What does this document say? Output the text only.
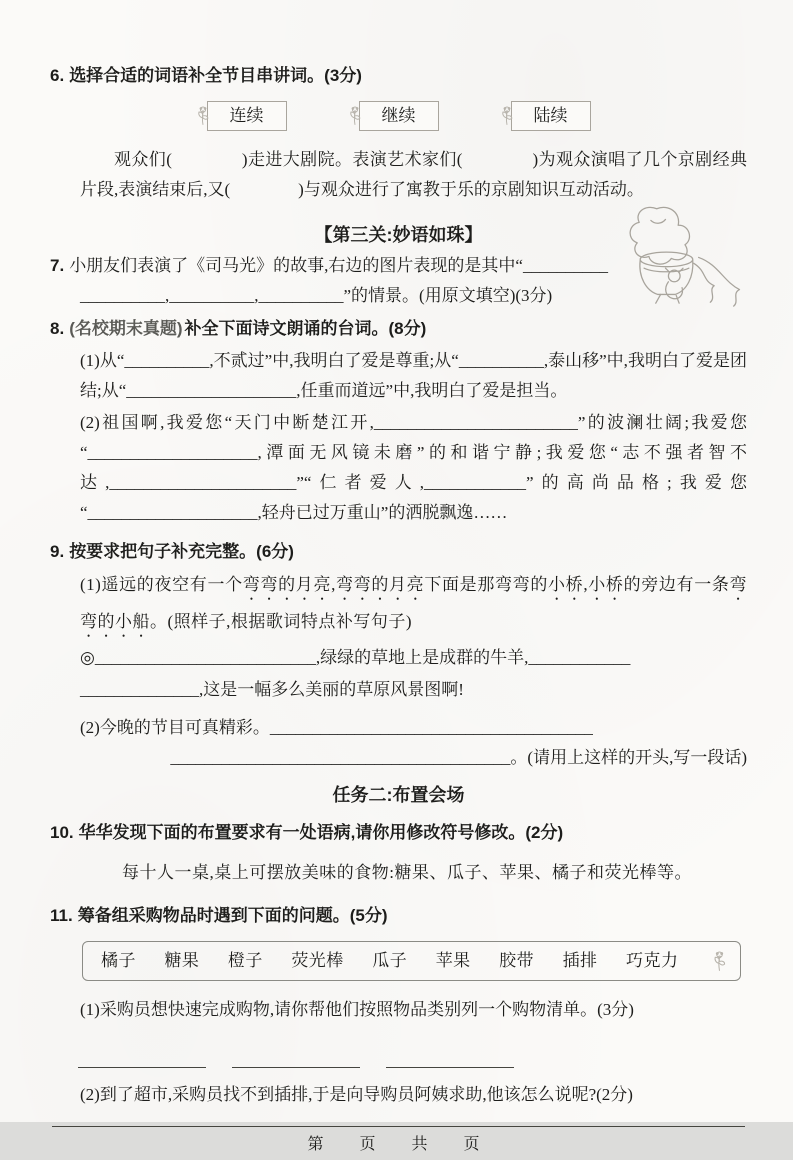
6. 选择合适的词语补全节目串讲词。(3分)

连续	继续	陆续

观众们(　　　　)走进大剧院。表演艺术家们(　　　　)为观众演唱了几个京剧经典片段,表演结束后,又(　　　　)与观众进行了寓教于乐的京剧知识互动活动。

【第三关:妙语如珠】

7. 小朋友们表演了《司马光》的故事,右边的图片表现的是其中“__________

__________,__________,__________”的情景。(用原文填空)(3分)

8. (名校期末真题) 补全下面诗文朗诵的台词。(8分)

(1)从“__________,不贰过”中,我明白了爱是尊重;从“__________,泰山移”中,我明白了爱是团结;从“____________________,任重而道远”中,我明白了爱是担当。

(2)祖国啊,我爱您“天门中断楚江开,________________________”的波澜壮阔;我爱您“____________________,潭面无风镜未磨”的和谐宁静;我爱您“志不强者智不达,______________________”“仁者爱人,____________”的高尚品格;我爱您“____________________,轻舟已过万重山”的洒脱飘逸……

9. 按要求把句子补充完整。(6分)

(1)遥远的夜空有一个弯弯的月亮,弯弯的月亮下面是那弯弯的小桥,小桥的旁边有一条弯弯的小船。(照样子,根据歌词特点补写句子)

◎__________________________,绿绿的草地上是成群的牛羊,____________

______________,这是一幅多么美丽的草原风景图啊!

(2)今晚的节目可真精彩。______________________________________

________________________________________。(请用上这样的开头,写一段话)

任务二:布置会场

10. 华华发现下面的布置要求有一处语病,请你用修改符号修改。(2分)

每十人一桌,桌上可摆放美味的食物:糖果、瓜子、苹果、橘子和荧光棒等。

11. 筹备组采购物品时遇到下面的问题。(5分)

橘子 糖果 橙子 荧光棒 瓜子 苹果 胶带 插排 巧克力

(1)采购员想快速完成购物,请你帮他们按照物品类别列一个购物清单。(3分)

(2)到了超市,采购员找不到插排,于是向导购员阿姨求助,他该怎么说呢?(2分)

第　页　共　页
